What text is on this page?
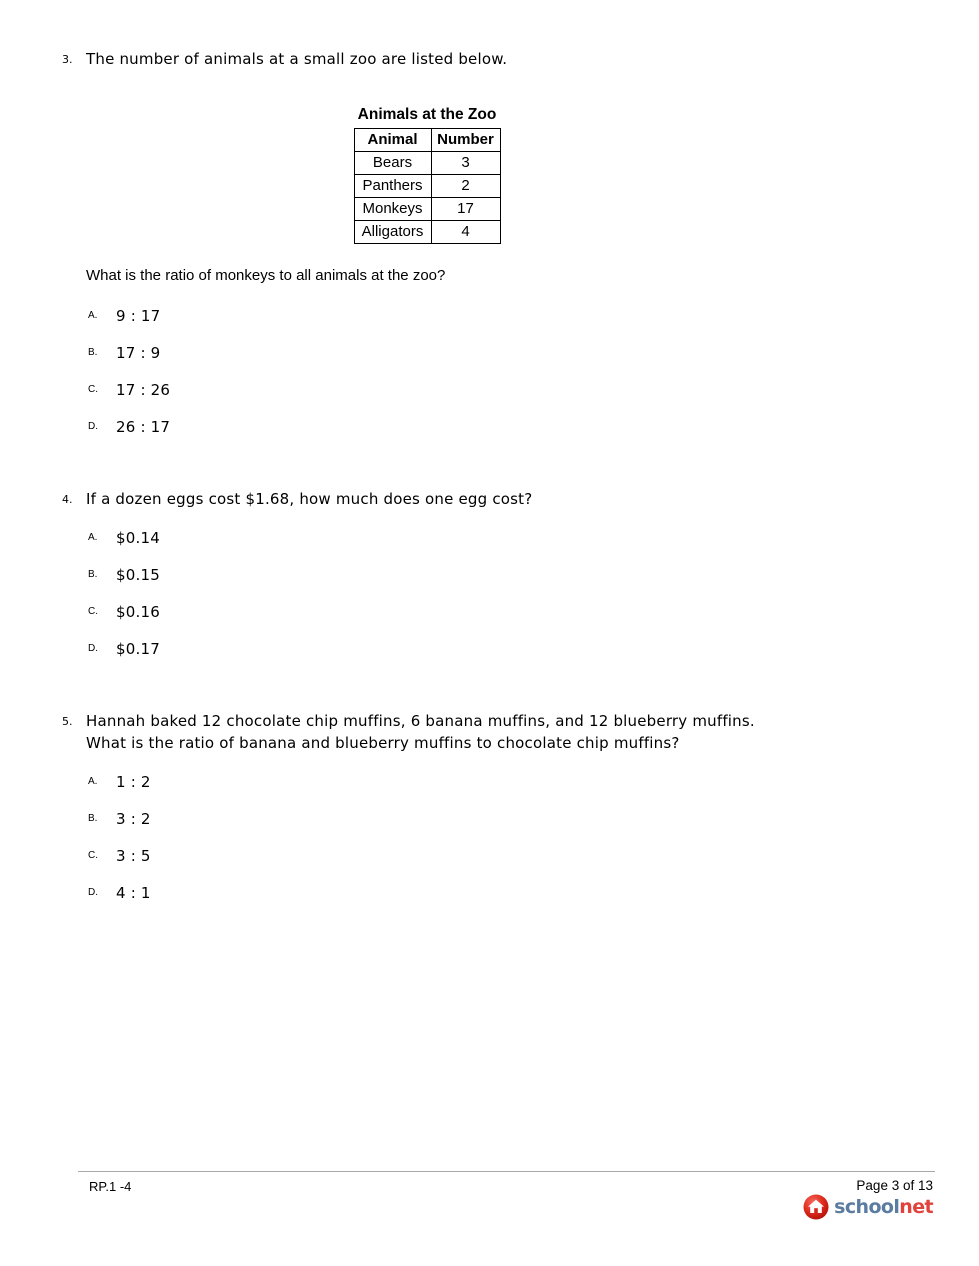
3. The number of animals at a small zoo are listed below.
Animals at the Zoo
Animal	Number
Bears	3
Panthers	2
Monkeys	17
Alligators	4
What is the ratio of monkeys to all animals at the zoo?
A.	9 : 17
B.	17 : 9
C.	17 : 26
D.	26 : 17
4. If a dozen eggs cost $1.68, how much does one egg cost?
A.	$0.14
B.	$0.15
C.	$0.16
D.	$0.17
5. Hannah baked 12 chocolate chip muffins, 6 banana muffins, and 12 blueberry muffins. What is the ratio of banana and blueberry muffins to chocolate chip muffins?
A.	1 : 2
B.	3 : 2
C.	3 : 5
D.	4 : 1
RP.1 -4	Page 3 of 13
schoolnet
